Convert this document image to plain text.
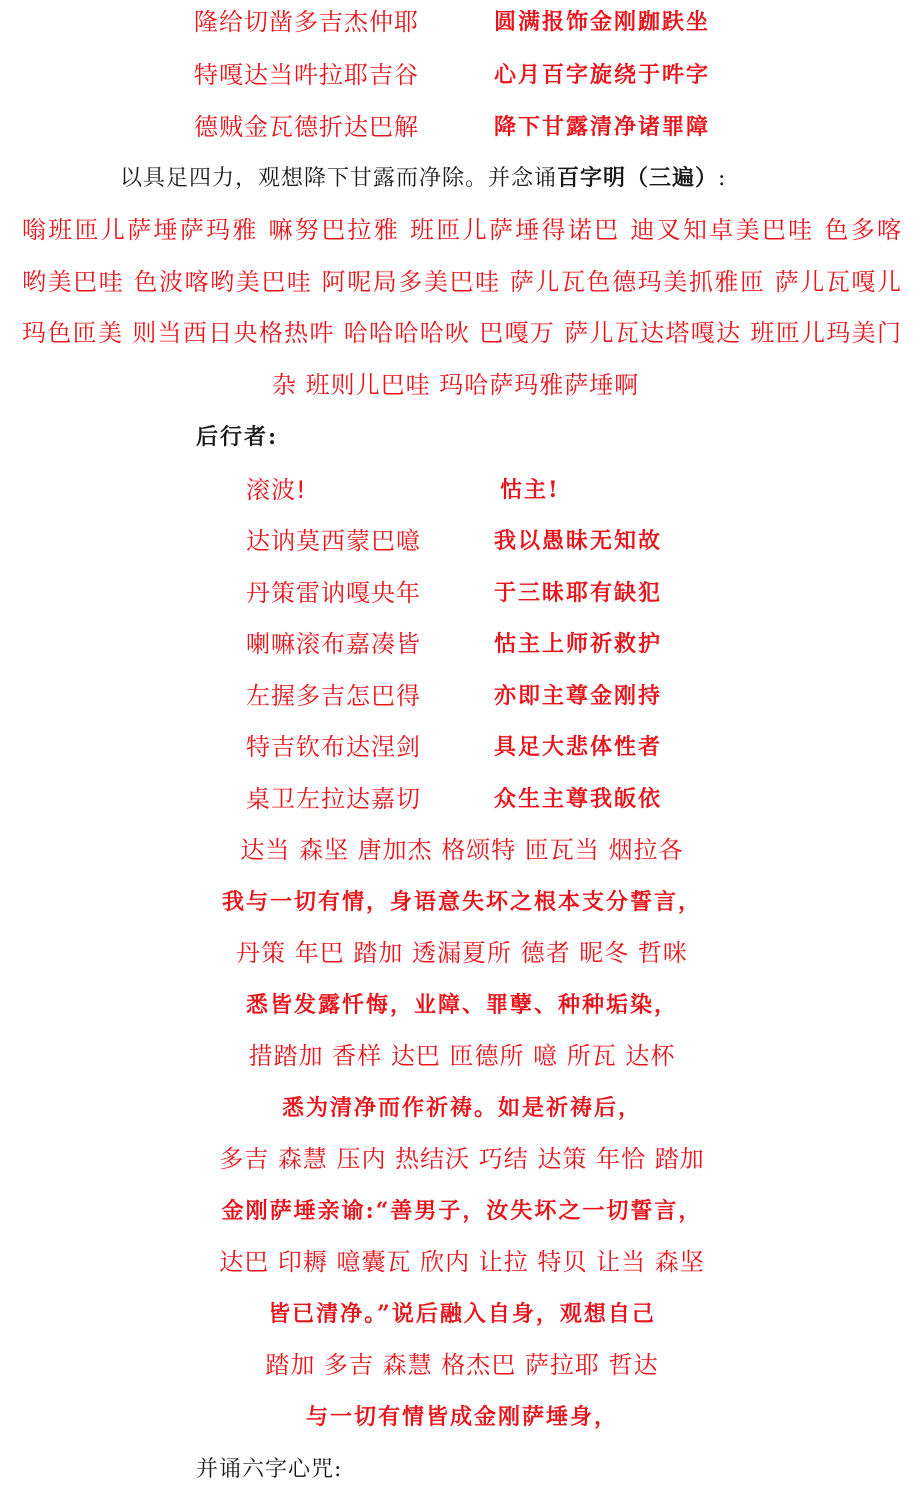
隆给切凿多吉杰仲耶	圆满报饰金刚跏趺坐
特嘎达当吽拉耶吉谷	心月百字旋绕于吽字
德贼金瓦德折达巴解	降下甘露清净诸罪障
以具足四力，观想降下甘露而净除。并念诵百字明（三遍）:
嗡班匝儿萨埵萨玛雅 嘛努巴拉雅 班匝儿萨埵得诺巴 迪叉知卓美巴哇 色多喀
哟美巴哇 色波喀哟美巴哇 阿呢局多美巴哇 萨儿瓦色德玛美抓雅匝 萨儿瓦嘎儿
玛色匝美 则当西日央格热吽 哈哈哈哈吙 巴嘎万 萨儿瓦达塔嘎达 班匝儿玛美门
杂 班则儿巴哇 玛哈萨玛雅萨埵啊
后行者:
滚波!	怙主!
达讷莫西蒙巴噫	我以愚昧无知故
丹策雷讷嘎央年	于三昧耶有缺犯
喇嘛滚布嘉凑皆	怙主上师祈救护
左握多吉怎巴得	亦即主尊金刚持
特吉钦布达涅剑	具足大悲体性者
桌卫左拉达嘉切	众生主尊我皈依
达当 森坚 唐加杰 格颂特 匝瓦当 烟拉各
我与一切有情，身语意失坏之根本支分誓言，
丹策 年巴 踏加 透漏夏所 德者 昵冬 哲咪
悉皆发露忏悔，业障、罪孽、种种垢染，
措踏加 香样 达巴 匝德所 噫 所瓦 达杯
悉为清净而作祈祷。如是祈祷后，
多吉 森慧 压内 热结沃 巧结 达策 年恰 踏加
金刚萨埵亲谕:“善男子，汝失坏之一切誓言，
达巴 印耨 噫囊瓦 欣内 让拉 特贝 让当 森坚
皆已清净。”说后融入自身，观想自己
踏加 多吉 森慧 格杰巴 萨拉耶 哲达
与一切有情皆成金刚萨埵身，
并诵六字心咒:
